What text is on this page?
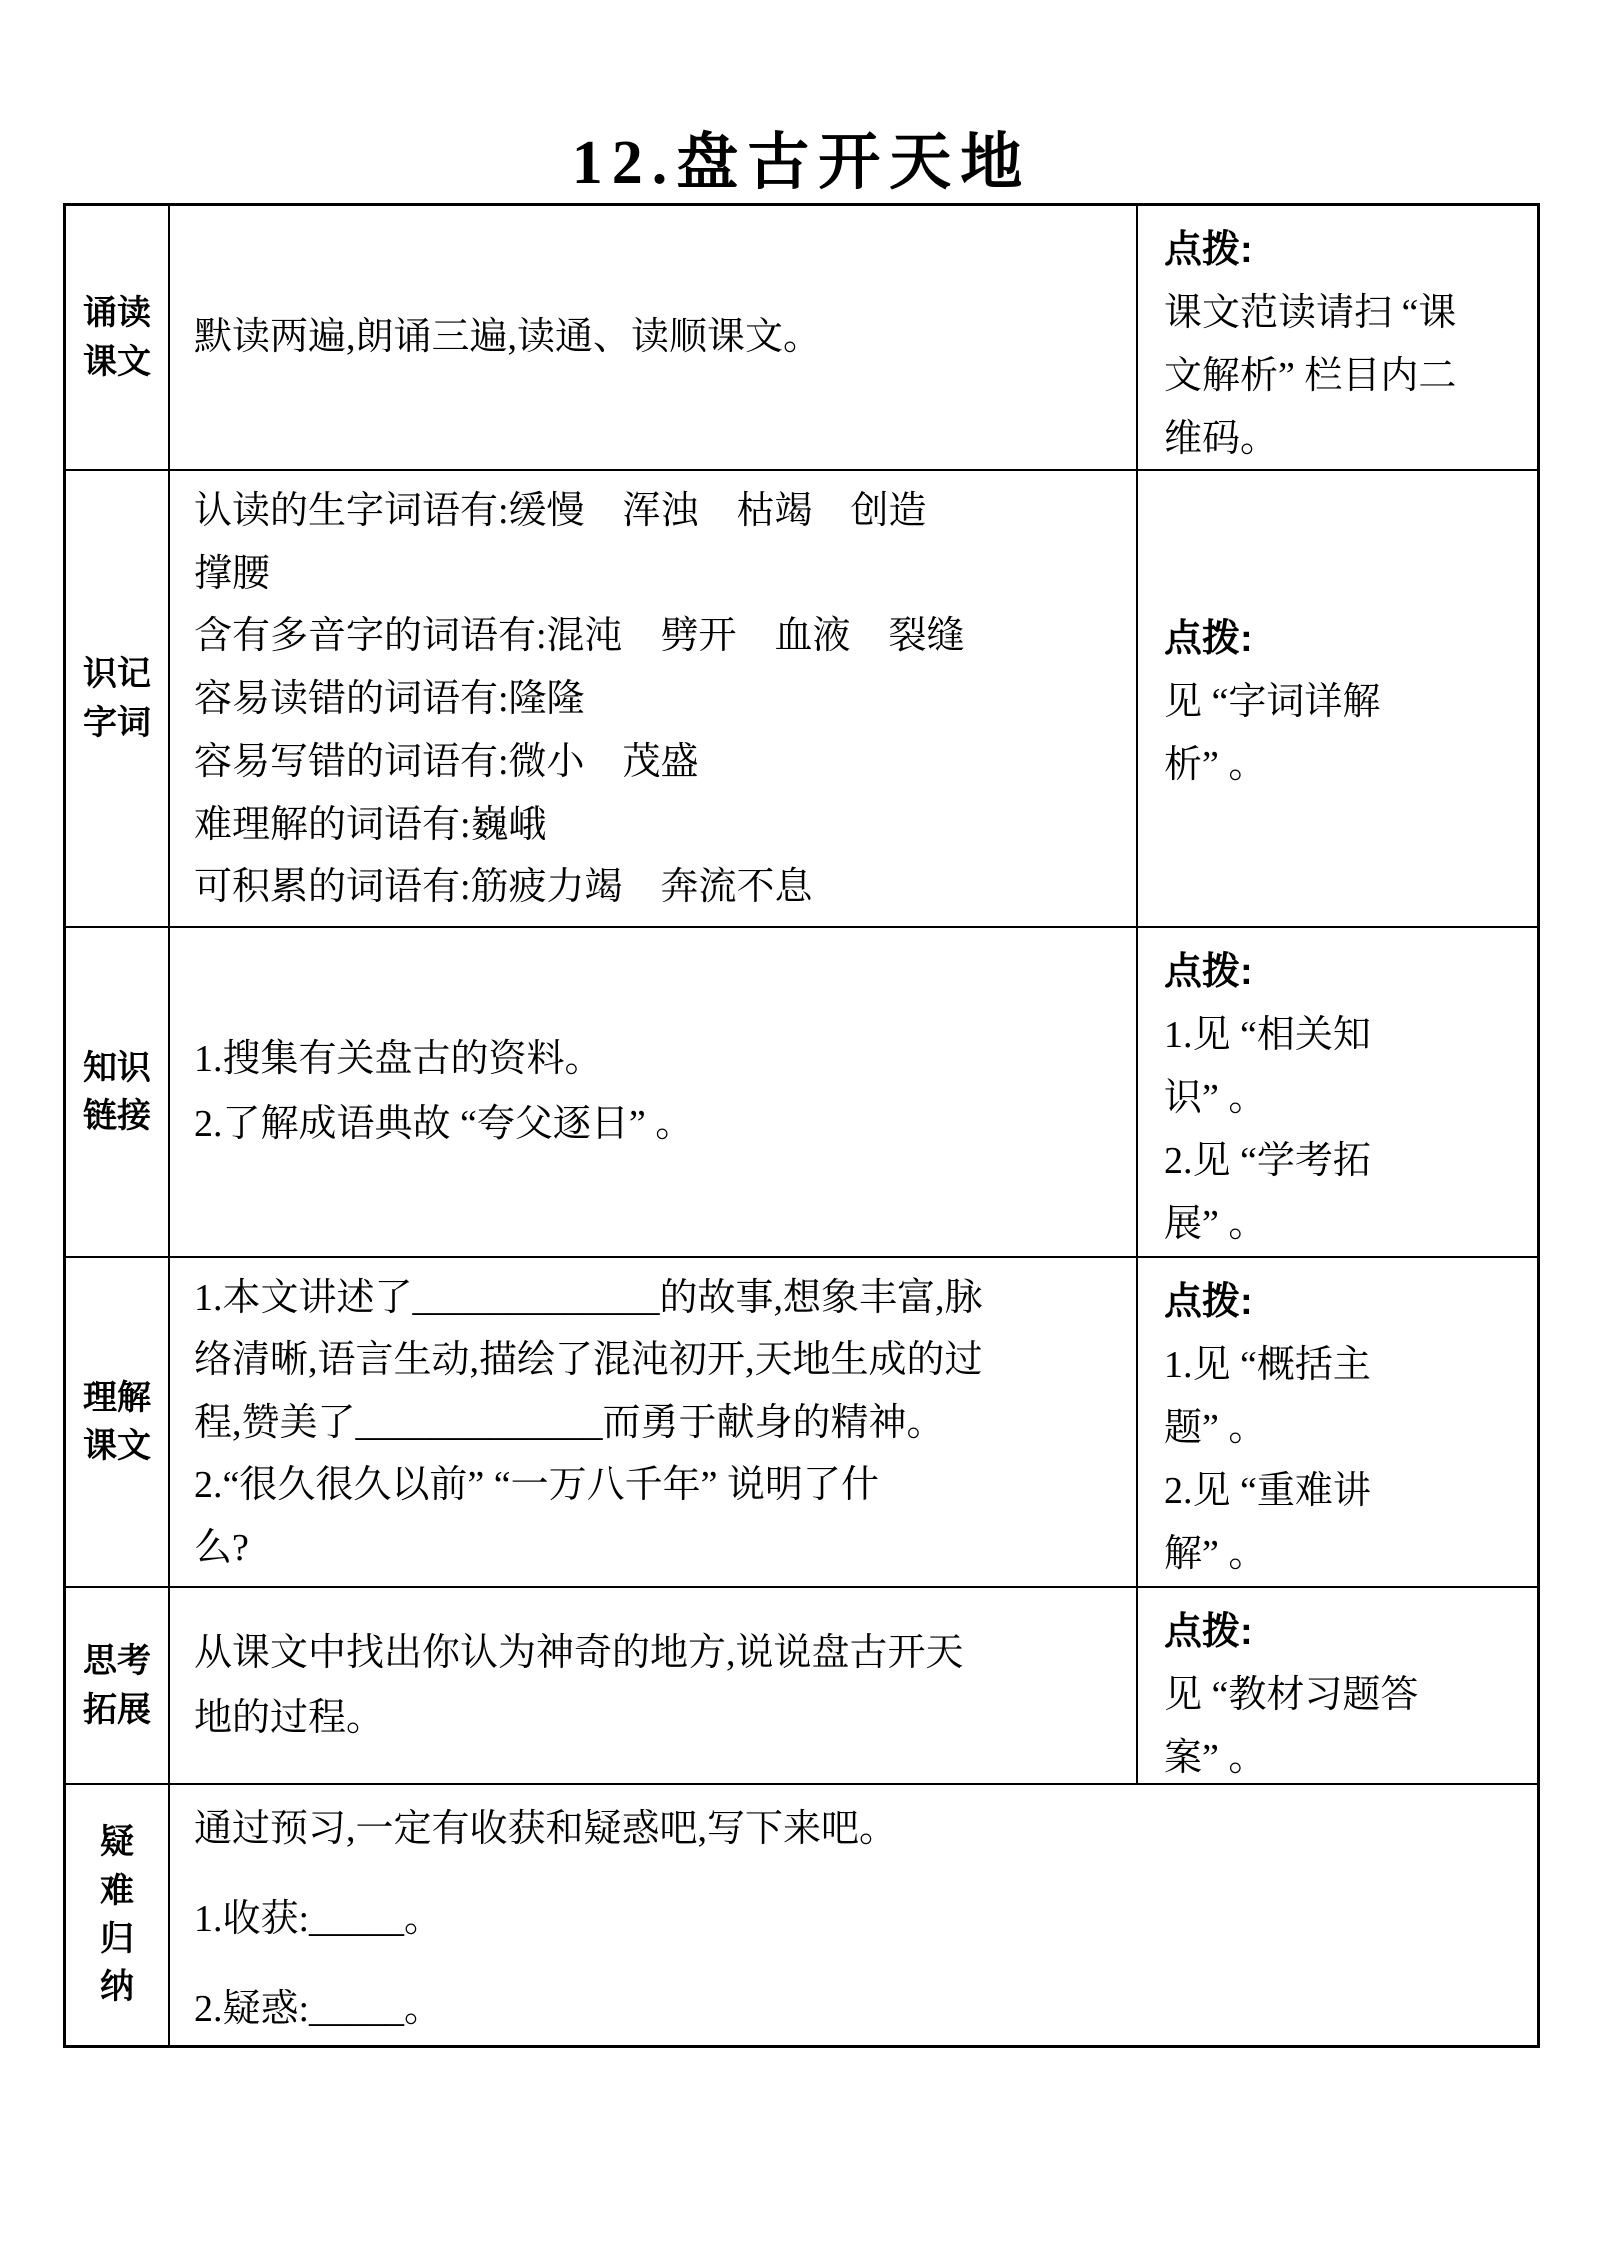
12.盘古开天地
诵读
课文
默读两遍,朗诵三遍,读通、读顺课文。
点拨:
课文范读请扫 “课
文解析” 栏目内二
维码。
识记
字词
认读的生字词语有:缓慢　浑浊　枯竭　创造
撑腰
含有多音字的词语有:混沌　劈开　血液　裂缝
容易读错的词语有:隆隆
容易写错的词语有:微小　茂盛
难理解的词语有:巍峨
可积累的词语有:筋疲力竭　奔流不息
点拨:
见 “字词详解
析” 。
知识
链接
1.搜集有关盘古的资料。
2.了解成语典故 “夸父逐日” 。
点拨:
1.见 “相关知
识” 。
2.见 “学考拓
展” 。
理解
课文
1.本文讲述了_____________的故事,想象丰富,脉
络清晰,语言生动,描绘了混沌初开,天地生成的过
程,赞美了_____________而勇于献身的精神。
2.“很久很久以前” “一万八千年” 说明了什
么?
点拨:
1.见 “概括主
题” 。
2.见 “重难讲
解” 。
思考
拓展
从课文中找出你认为神奇的地方,说说盘古开天
地的过程。
点拨:
见 “教材习题答
案” 。
疑
难
归
纳
通过预习,一定有收获和疑惑吧,写下来吧。
1.收获:_____。
2.疑惑:_____。
